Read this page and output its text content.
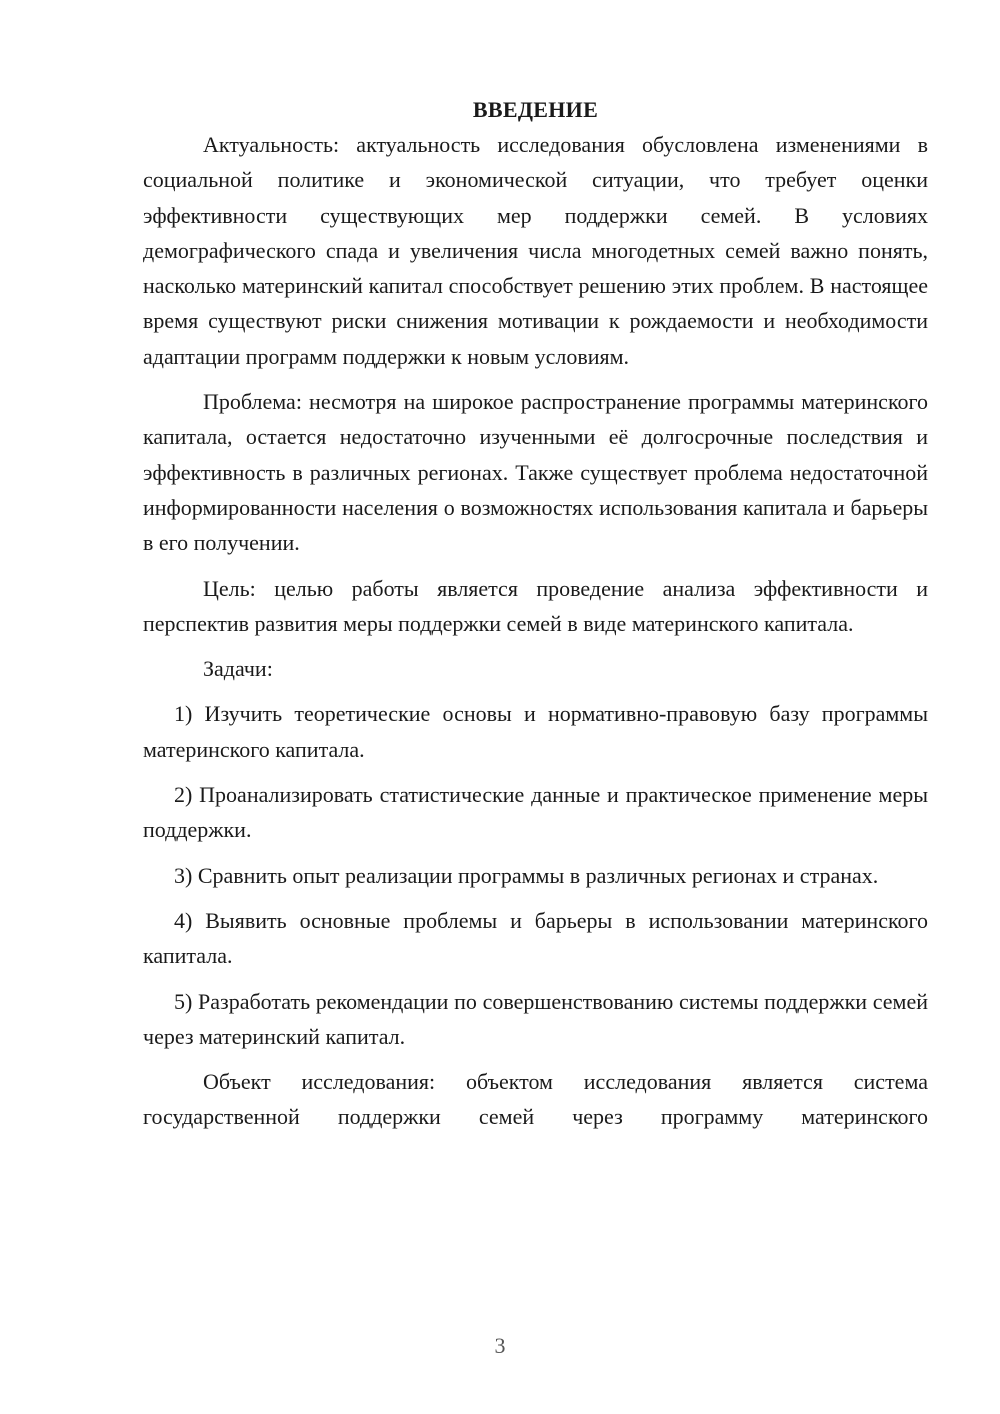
ВВЕДЕНИЕ

Актуальность: актуальность исследования обусловлена изменениями в социальной политике и экономической ситуации, что требует оценки эффективности существующих мер поддержки семей. В условиях демографического спада и увеличения числа многодетных семей важно понять, насколько материнский капитал способствует решению этих проблем. В настоящее время существуют риски снижения мотивации к рождаемости и необходимости адаптации программ поддержки к новым условиям.

Проблема: несмотря на широкое распространение программы материнского капитала, остается недостаточно изученными её долгосрочные последствия и эффективность в различных регионах. Также существует проблема недостаточной информированности населения о возможностях использования капитала и барьеры в его получении.

Цель: целью работы является проведение анализа эффективности и перспектив развития меры поддержки семей в виде материнского капитала.

Задачи:

1) Изучить теоретические основы и нормативно-правовую базу программы материнского капитала.

2) Проанализировать статистические данные и практическое применение меры поддержки.

3) Сравнить опыт реализации программы в различных регионах и странах.

4) Выявить основные проблемы и барьеры в использовании материнского капитала.

5) Разработать рекомендации по совершенствованию системы поддержки семей через материнский капитал.

Объект исследования: объектом исследования является система государственной поддержки семей через программу материнского

3
